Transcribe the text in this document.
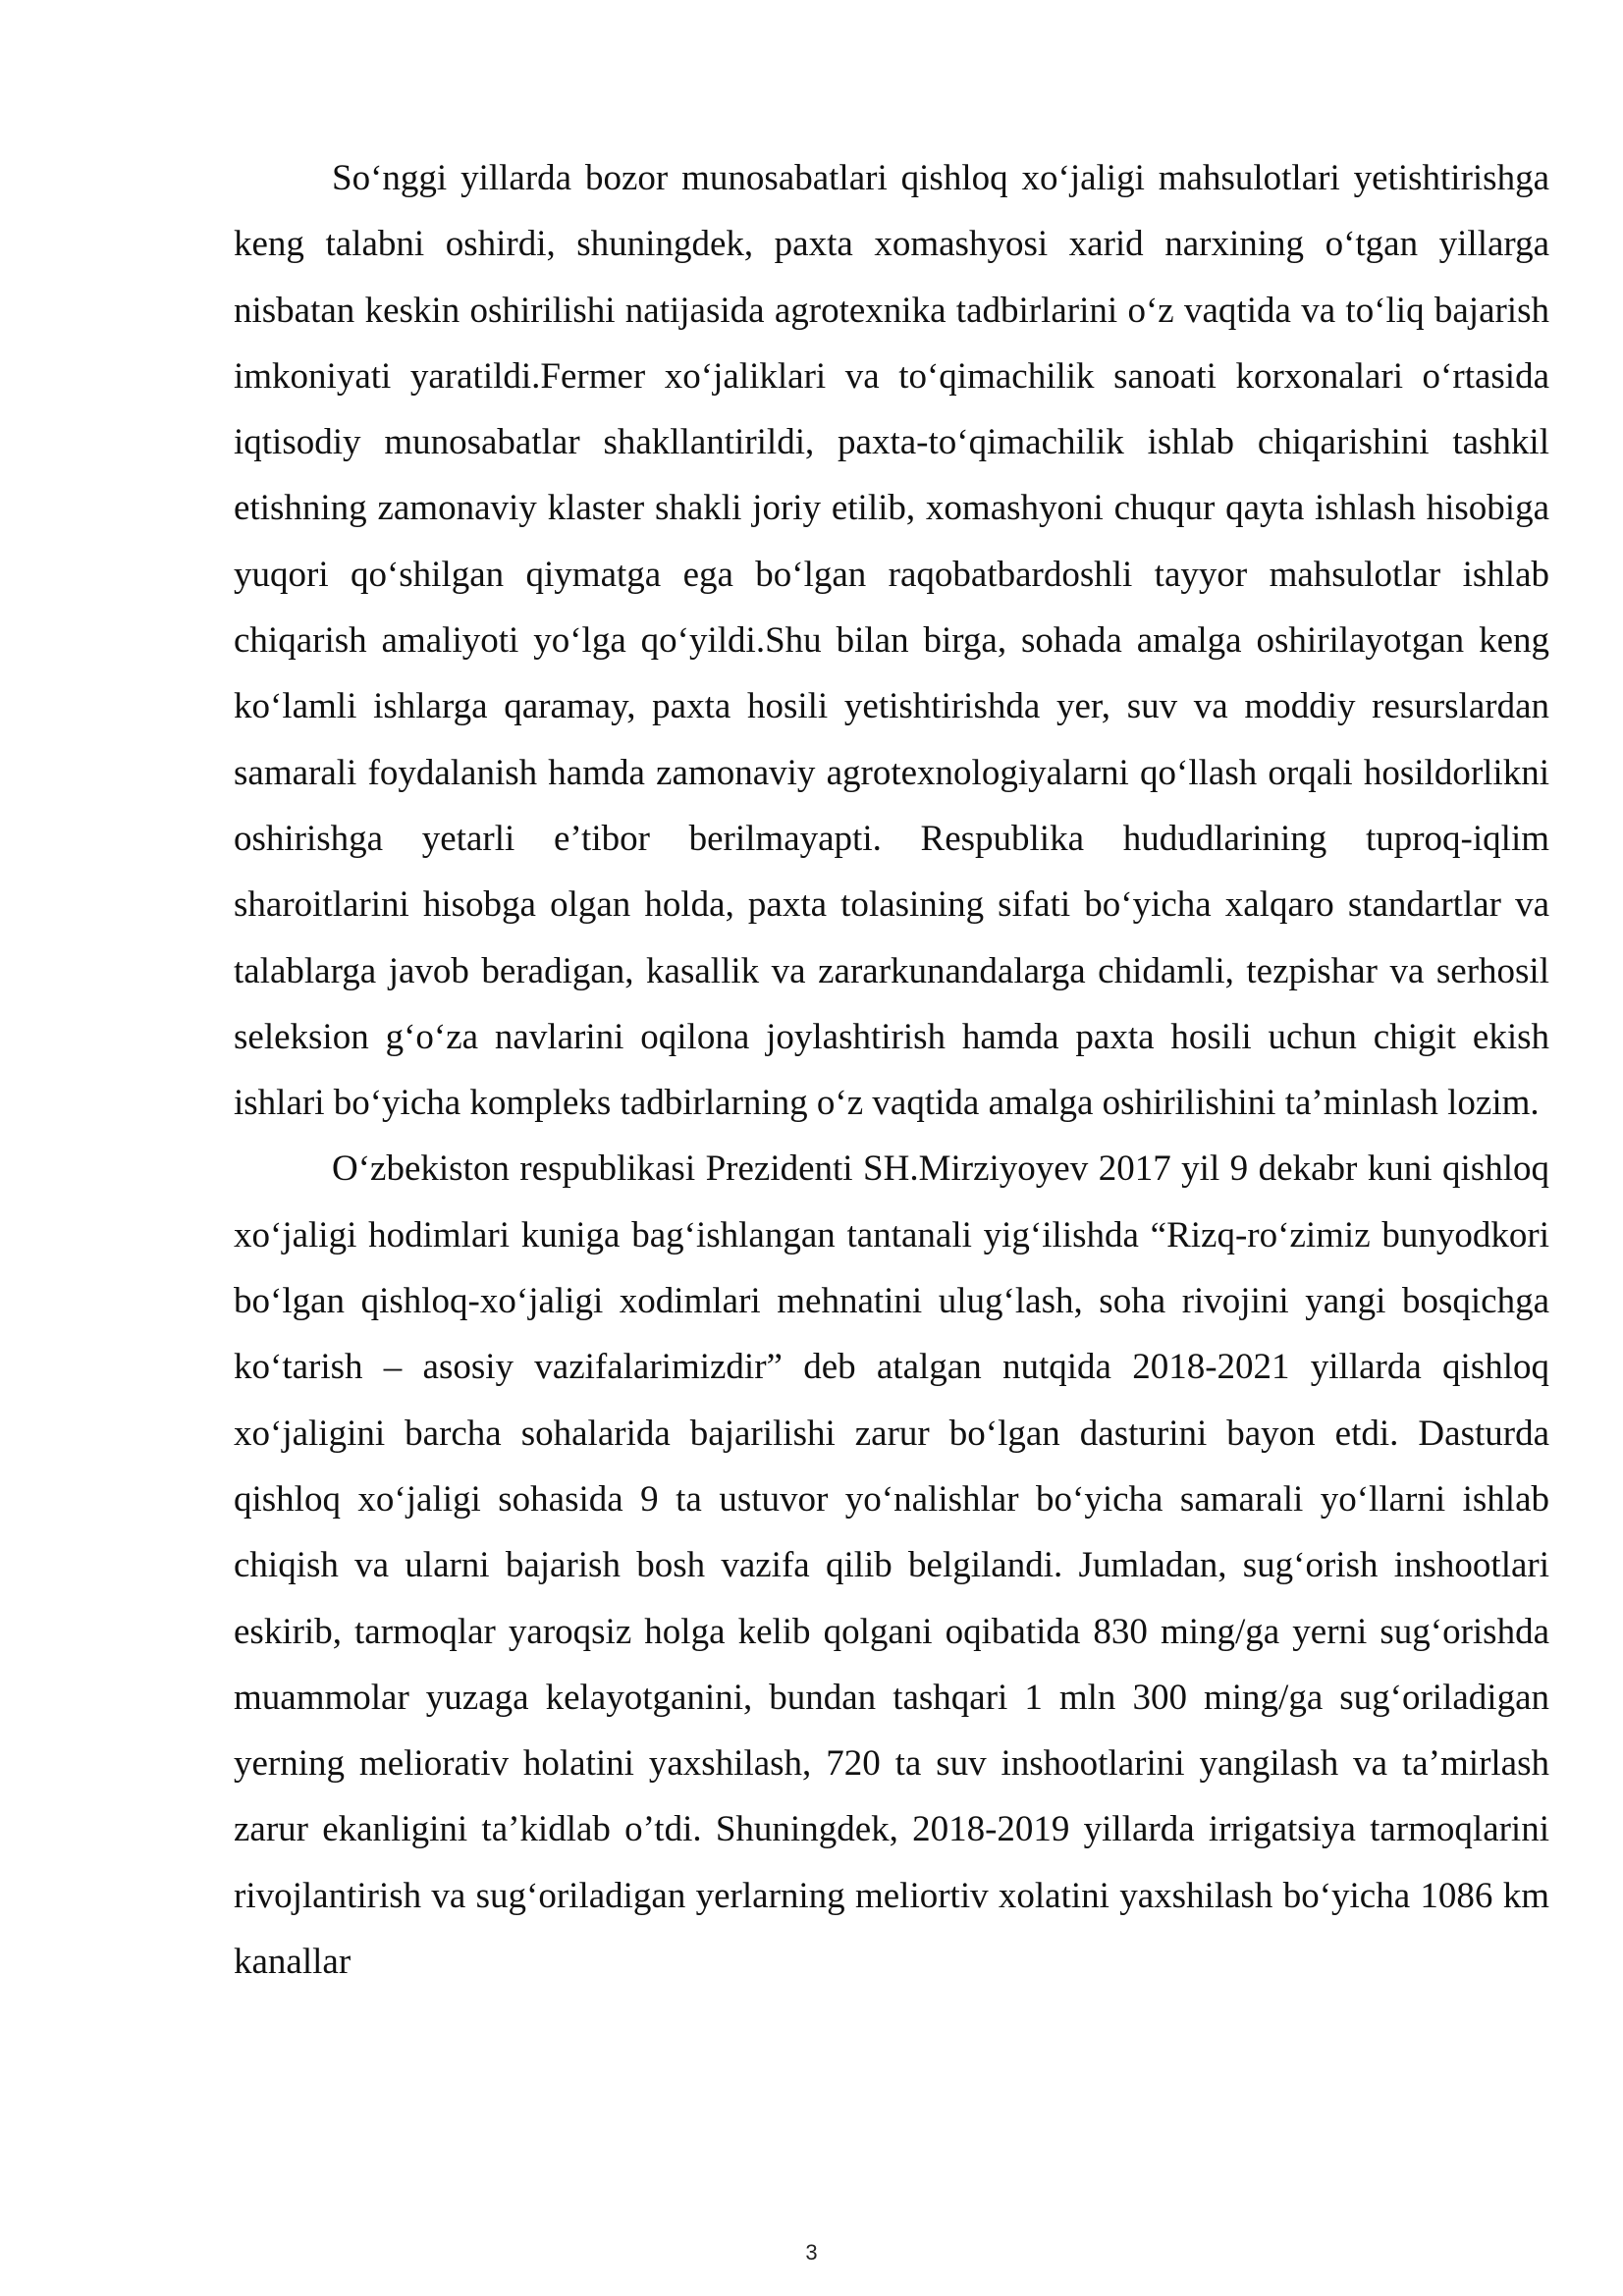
So‘nggi yillarda bozor munosabatlari qishloq xo‘jaligi mahsulotlari yetishtirishga keng talabni oshirdi, shuningdek, paxta xomashyosi xarid narxining o‘tgan yillarga nisbatan keskin oshirilishi natijasida agrotexnika tadbirlarini o‘z vaqtida va to‘liq bajarish imkoniyati yaratildi.Fermer xo‘jaliklari va to‘qimachilik sanoati korxonalari o‘rtasida iqtisodiy munosabatlar shakllantirildi, paxta-to‘qimachilik ishlab chiqarishini tashkil etishning zamonaviy klaster shakli joriy etilib, xomashyoni chuqur qayta ishlash hisobiga yuqori qo‘shilgan qiymatga ega bo‘lgan raqobatbardoshli tayyor mahsulotlar ishlab chiqarish amaliyoti yo‘lga qo‘yildi.Shu bilan birga, sohada amalga oshirilayotgan keng ko‘lamli ishlarga qaramay, paxta hosili yetishtirishda yer, suv va moddiy resurslardan samarali foydalanish hamda zamonaviy agrotexnologiyalarni qo‘llash orqali hosildorlikni oshirishga yetarli e’tibor berilmayapti. Respublika hududlarining tuproq-iqlim sharoitlarini hisobga olgan holda, paxta tolasining sifati bo‘yicha xalqaro standartlar va talablarga javob beradigan, kasallik va zararkunandalarga chidamli, tezpishar va serhosil seleksion g‘o‘za navlarini oqilona joylashtirish hamda paxta hosili uchun chigit ekish ishlari bo‘yicha kompleks tadbirlarning o‘z vaqtida amalga oshirilishini ta’minlash lozim.

O‘zbekiston respublikasi Prezidenti SH.Mirziyoyev 2017 yil 9 dekabr kuni qishloq xo‘jaligi hodimlari kuniga bag‘ishlangan tantanali yig‘ilishda “Rizq-ro‘zimiz bunyodkori bo‘lgan qishloq-xo‘jaligi xodimlari mehnatini ulug‘lash, soha rivojini yangi bosqichga ko‘tarish – asosiy vazifalarimizdir” deb atalgan nutqida 2018-2021 yillarda qishloq xo‘jaligini barcha sohalarida bajarilishi zarur bo‘lgan dasturini bayon etdi. Dasturda qishloq xo‘jaligi sohasida 9 ta ustuvor yo‘nalishlar bo‘yicha samarali yo‘llarni ishlab chiqish va ularni bajarish bosh vazifa qilib belgilandi. Jumladan, sug‘orish inshootlari eskirib, tarmoqlar yaroqsiz holga kelib qolgani oqibatida 830 ming/ga yerni sug‘orishda muammolar yuzaga kelayotganini, bundan tashqari 1 mln 300 ming/ga sug‘oriladigan yerning meliorativ holatini yaxshilash, 720 ta suv inshootlarini yangilash va ta’mirlash zarur ekanligini ta’kidlab o’tdi. Shuningdek, 2018-2019 yillarda irrigatsiya tarmoqlarini rivojlantirish va sug‘oriladigan yerlarning meliortiv xolatini yaxshilash bo‘yicha 1086 km kanallar

3
